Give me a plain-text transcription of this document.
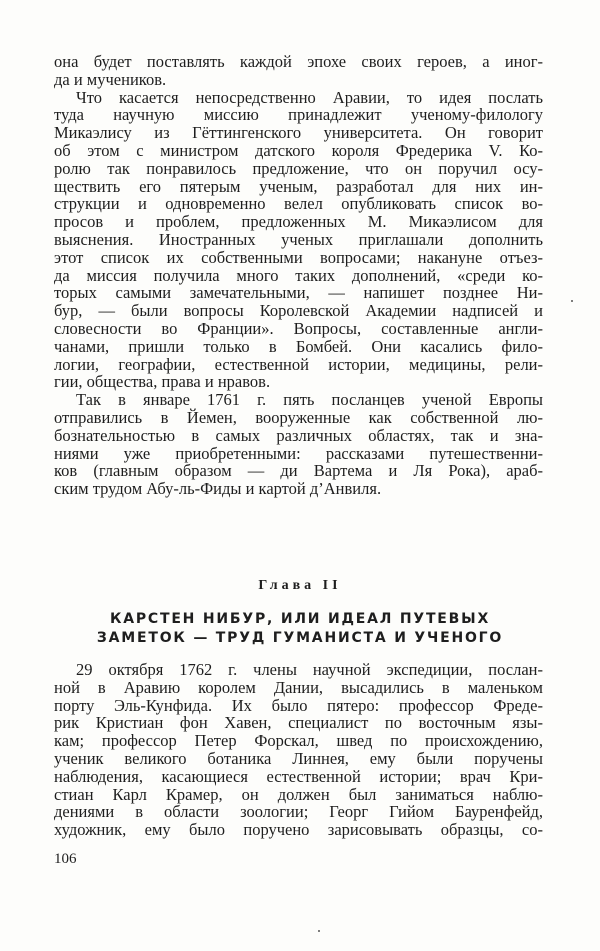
она будет поставлять каждой эпохе своих героев, а иног-
да и мучеников.
Что касается непосредственно Аравии, то идея послать
туда научную миссию принадлежит ученому-филологу
Микаэлису из Гёттингенского университета. Он говорит
об этом с министром датского короля Фредерика V. Ко-
ролю так понравилось предложение, что он поручил осу-
ществить его пятерым ученым, разработал для них ин-
струкции и одновременно велел опубликовать список во-
просов и проблем, предложенных М. Микаэлисом для
выяснения. Иностранных ученых приглашали дополнить
этот список их собственными вопросами; накануне отъез-
да миссия получила много таких дополнений, «среди ко-
торых самыми замечательными, — напишет позднее Ни-
бур, — были вопросы Королевской Академии надписей и
словесности во Франции». Вопросы, составленные англи-
чанами, пришли только в Бомбей. Они касались фило-
логии, географии, естественной истории, медицины, рели-
гии, общества, права и нравов.
Так в январе 1761 г. пять посланцев ученой Европы
отправились в Йемен, вооруженные как собственной лю-
бознательностью в самых различных областях, так и зна-
ниями уже приобретенными: рассказами путешественни-
ков (главным образом — ди Вартема и Ля Рока), араб-
ским трудом Абу-ль-Фиды и картой д’Анвиля.
Глава II
КАРСТЕН НИБУР, ИЛИ ИДЕАЛ ПУТЕВЫХ
ЗАМЕТОК — ТРУД ГУМАНИСТА И УЧЕНОГО
29 октября 1762 г. члены научной экспедиции, послан-
ной в Аравию королем Дании, высадились в маленьком
порту Эль-Кунфида. Их было пятеро: профессор Фреде-
рик Кристиан фон Хавен, специалист по восточным язы-
кам; профессор Петер Форскал, швед по происхождению,
ученик великого ботаника Линнея, ему были поручены
наблюдения, касающиеся естественной истории; врач Кри-
стиан Карл Крамер, он должен был заниматься наблю-
дениями в области зоологии; Георг Гийом Бауренфейд,
художник, ему было поручено зарисовывать образцы, со-
106
